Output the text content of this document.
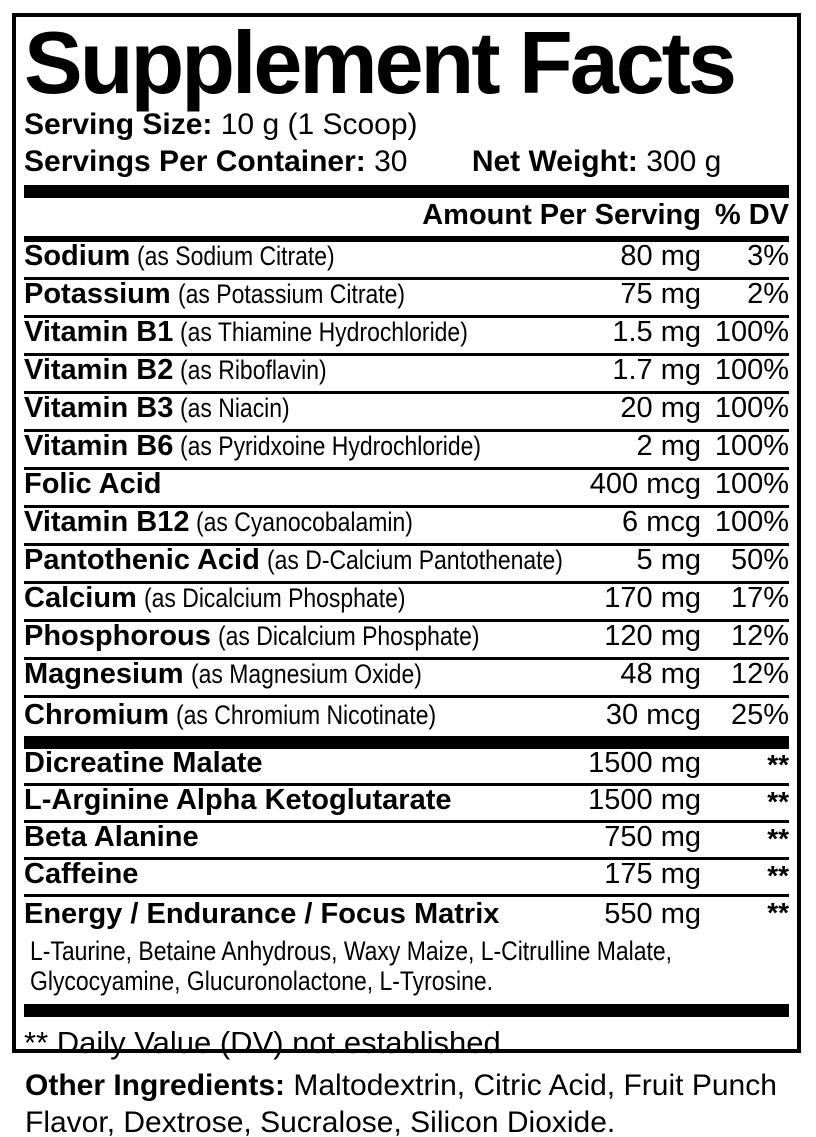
Supplement Facts
Serving Size: 10 g (1 Scoop)
Servings Per Container: 30 Net Weight: 300 g
Amount Per Serving % DV
Sodium (as Sodium Citrate)	80 mg	3%
Potassium (as Potassium Citrate)	75 mg	2%
Vitamin B1 (as Thiamine Hydrochloride)	1.5 mg 100%
Vitamin B2 (as Riboflavin)	1.7 mg 100%
Vitamin B3 (as Niacin)	20 mg 100%
Vitamin B6 (as Pyridxoine Hydrochloride)	2 mg 100%
Folic Acid	400 mcg 100%
Vitamin B12 (as Cyanocobalamin)	6 mcg 100%
Pantothenic Acid (as D-Calcium Pantothenate)	5 mg	50%
Calcium (as Dicalcium Phosphate)	170 mg	17%
Phosphorous (as Dicalcium Phosphate)	120 mg	12%
Magnesium (as Magnesium Oxide)	48 mg	12%
Chromium (as Chromium Nicotinate)	30 mcg	25%
Dicreatine Malate	1500 mg	**
L-Arginine Alpha Ketoglutarate	1500 mg	**
Beta Alanine	750 mg	**
Caffeine	175 mg	**
Energy / Endurance / Focus Matrix	550 mg	**
L-Taurine, Betaine Anhydrous, Waxy Maize, L-Citrulline Malate,
Glycocyamine, Glucuronolactone, L-Tyrosine.
** Daily Value (DV) not established.

Other Ingredients: Maltodextrin, Citric Acid, Fruit Punch Flavor, Dextrose, Sucralose, Silicon Dioxide.
